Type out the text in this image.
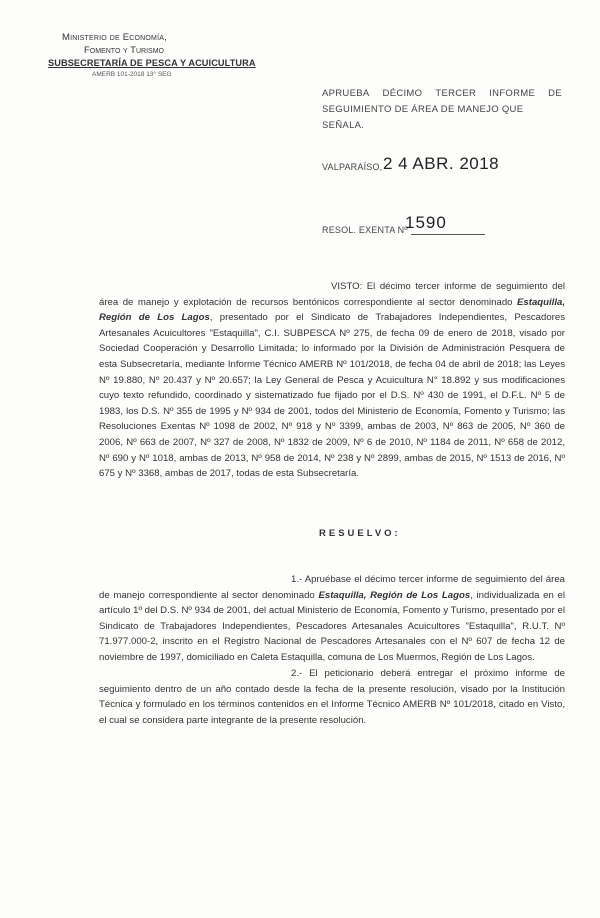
Ministerio de Economía,
Fomento y Turismo
SUBSECRETARÍA DE PESCA Y ACUICULTURA
AMERB 101-2018 13° SEG
APRUEBA DÉCIMO TERCER INFORME DE
SEGUIMIENTO DE ÁREA DE MANEJO QUE SEÑALA.
VALPARAÍSO, 2 4 ABR. 2018
RESOL. EXENTA Nº
1590
VISTO: El décimo tercer informe de seguimiento del área de manejo y explotación de recursos bentónicos correspondiente al sector denominado Estaquilla, Región de Los Lagos, presentado por el Sindicato de Trabajadores Independientes, Pescadores Artesanales Acuicultores "Estaquilla", C.I. SUBPESCA Nº 275, de fecha 09 de enero de 2018, visado por Sociedad Cooperación y Desarrollo Limitada; lo informado por la División de Administración Pesquera de esta Subsecretaría, mediante Informe Técnico AMERB Nº 101/2018, de fecha 04 de abril de 2018; las Leyes Nº 19.880, Nº 20.437 y Nº 20.657; la Ley General de Pesca y Acuicultura N° 18.892 y sus modificaciones cuyo texto refundido, coordinado y sistematizado fue fijado por el D.S. Nº 430 de 1991, el D.F.L. Nº 5 de 1983, los D.S. Nº 355 de 1995 y Nº 934 de 2001, todos del Ministerio de Economía, Fomento y Turismo; las Resoluciones Exentas Nº 1098 de 2002, Nº 918 y Nº 3399, ambas de 2003, Nº 863 de 2005, Nº 360 de 2006, Nº 663 de 2007, Nº 327 de 2008, Nº 1832 de 2009, Nº 6 de 2010, Nº 1184 de 2011, Nº 658 de 2012, Nº 690 y Nº 1018, ambas de 2013, Nº 958 de 2014, Nº 238 y Nº 2899, ambas de 2015, Nº 1513 de 2016, Nº 675 y Nº 3368, ambas de 2017, todas de esta Subsecretaría.
RESUELVO:
1.- Apruébase el décimo tercer informe de seguimiento del área de manejo correspondiente al sector denominado Estaquilla, Región de Los Lagos, individualizada en el artículo 1º del D.S. Nº 934 de 2001, del actual Ministerio de Economía, Fomento y Turismo, presentado por el Sindicato de Trabajadores Independientes, Pescadores Artesanales Acuicultores "Estaquilla", R.U.T. Nº 71.977.000-2, inscrito en el Registro Nacional de Pescadores Artesanales con el Nº 607 de fecha 12 de noviembre de 1997, domiciliado en Caleta Estaquilla, comuna de Los Muermos, Región de Los Lagos.
2.- El peticionario deberá entregar el próximo informe de seguimiento dentro de un año contado desde la fecha de la presente resolución, visado por la Institución Técnica y formulado en los términos contenidos en el Informe Técnico AMERB Nº 101/2018, citado en Visto, el cual se considera parte integrante de la presente resolución.
